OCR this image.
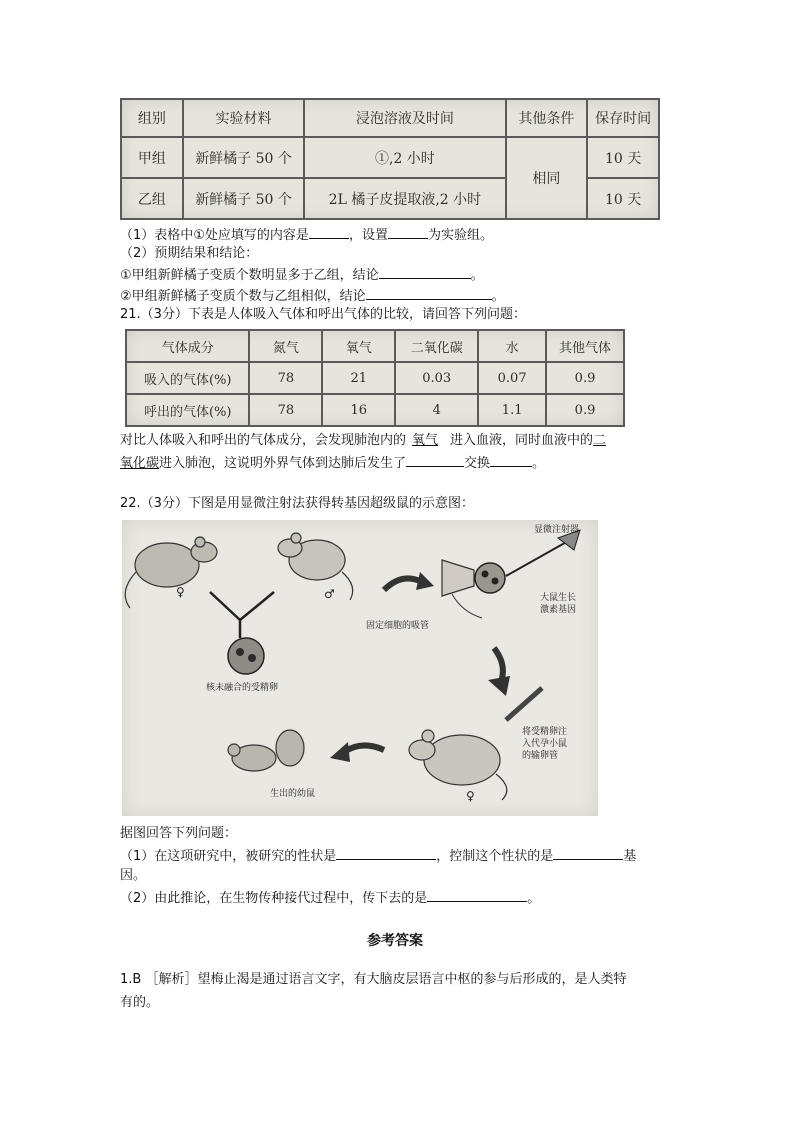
组别	实验材料	浸泡溶液及时间	其他条件	保存时间
甲组	新鲜橘子 50 个	①,2 小时	相同	10 天
乙组	新鲜橘子 50 个	2L 橘子皮提取液,2 小时		10 天
（1）表格中①处应填写的内容是	，设置	为实验组。
（2）预期结果和结论：
①甲组新鲜橘子变质个数明显多于乙组，结论	。
②甲组新鲜橘子变质个数与乙组相似，结论	。
21.（3分）下表是人体吸入气体和呼出气体的比较，请回答下列问题：
气体成分	氮气	氧气	二氧化碳	水	其他气体
吸入的气体(%)	78	21	0.03	0.07	0.9
呼出的气体(%)	78	16	4	1.1	0.9
对比人体吸入和呼出的气体成分，会发现肺泡内的 氧气 进入血液，同时血液中的二
氧化碳进入肺泡，这说明外界气体到达肺后发生了	交换	。
22.（3分）下图是用显微注射法获得转基因超级鼠的示意图：
♀	♂
显微注射器
大鼠生长
激素基因
固定细胞的吸管
核未融合的受精卵
将受精卵注
入代孕小鼠
的输卵管
生出的幼鼠	♀
据图回答下列问题：
（1）在这项研究中，被研究的性状是	，控制这个性状的是	基
因。
（2）由此推论，在生物传种接代过程中，传下去的是	。
参考答案
1.B ［解析］望梅止渴是通过语言文字，有大脑皮层语言中枢的参与后形成的，是人类特
有的。
